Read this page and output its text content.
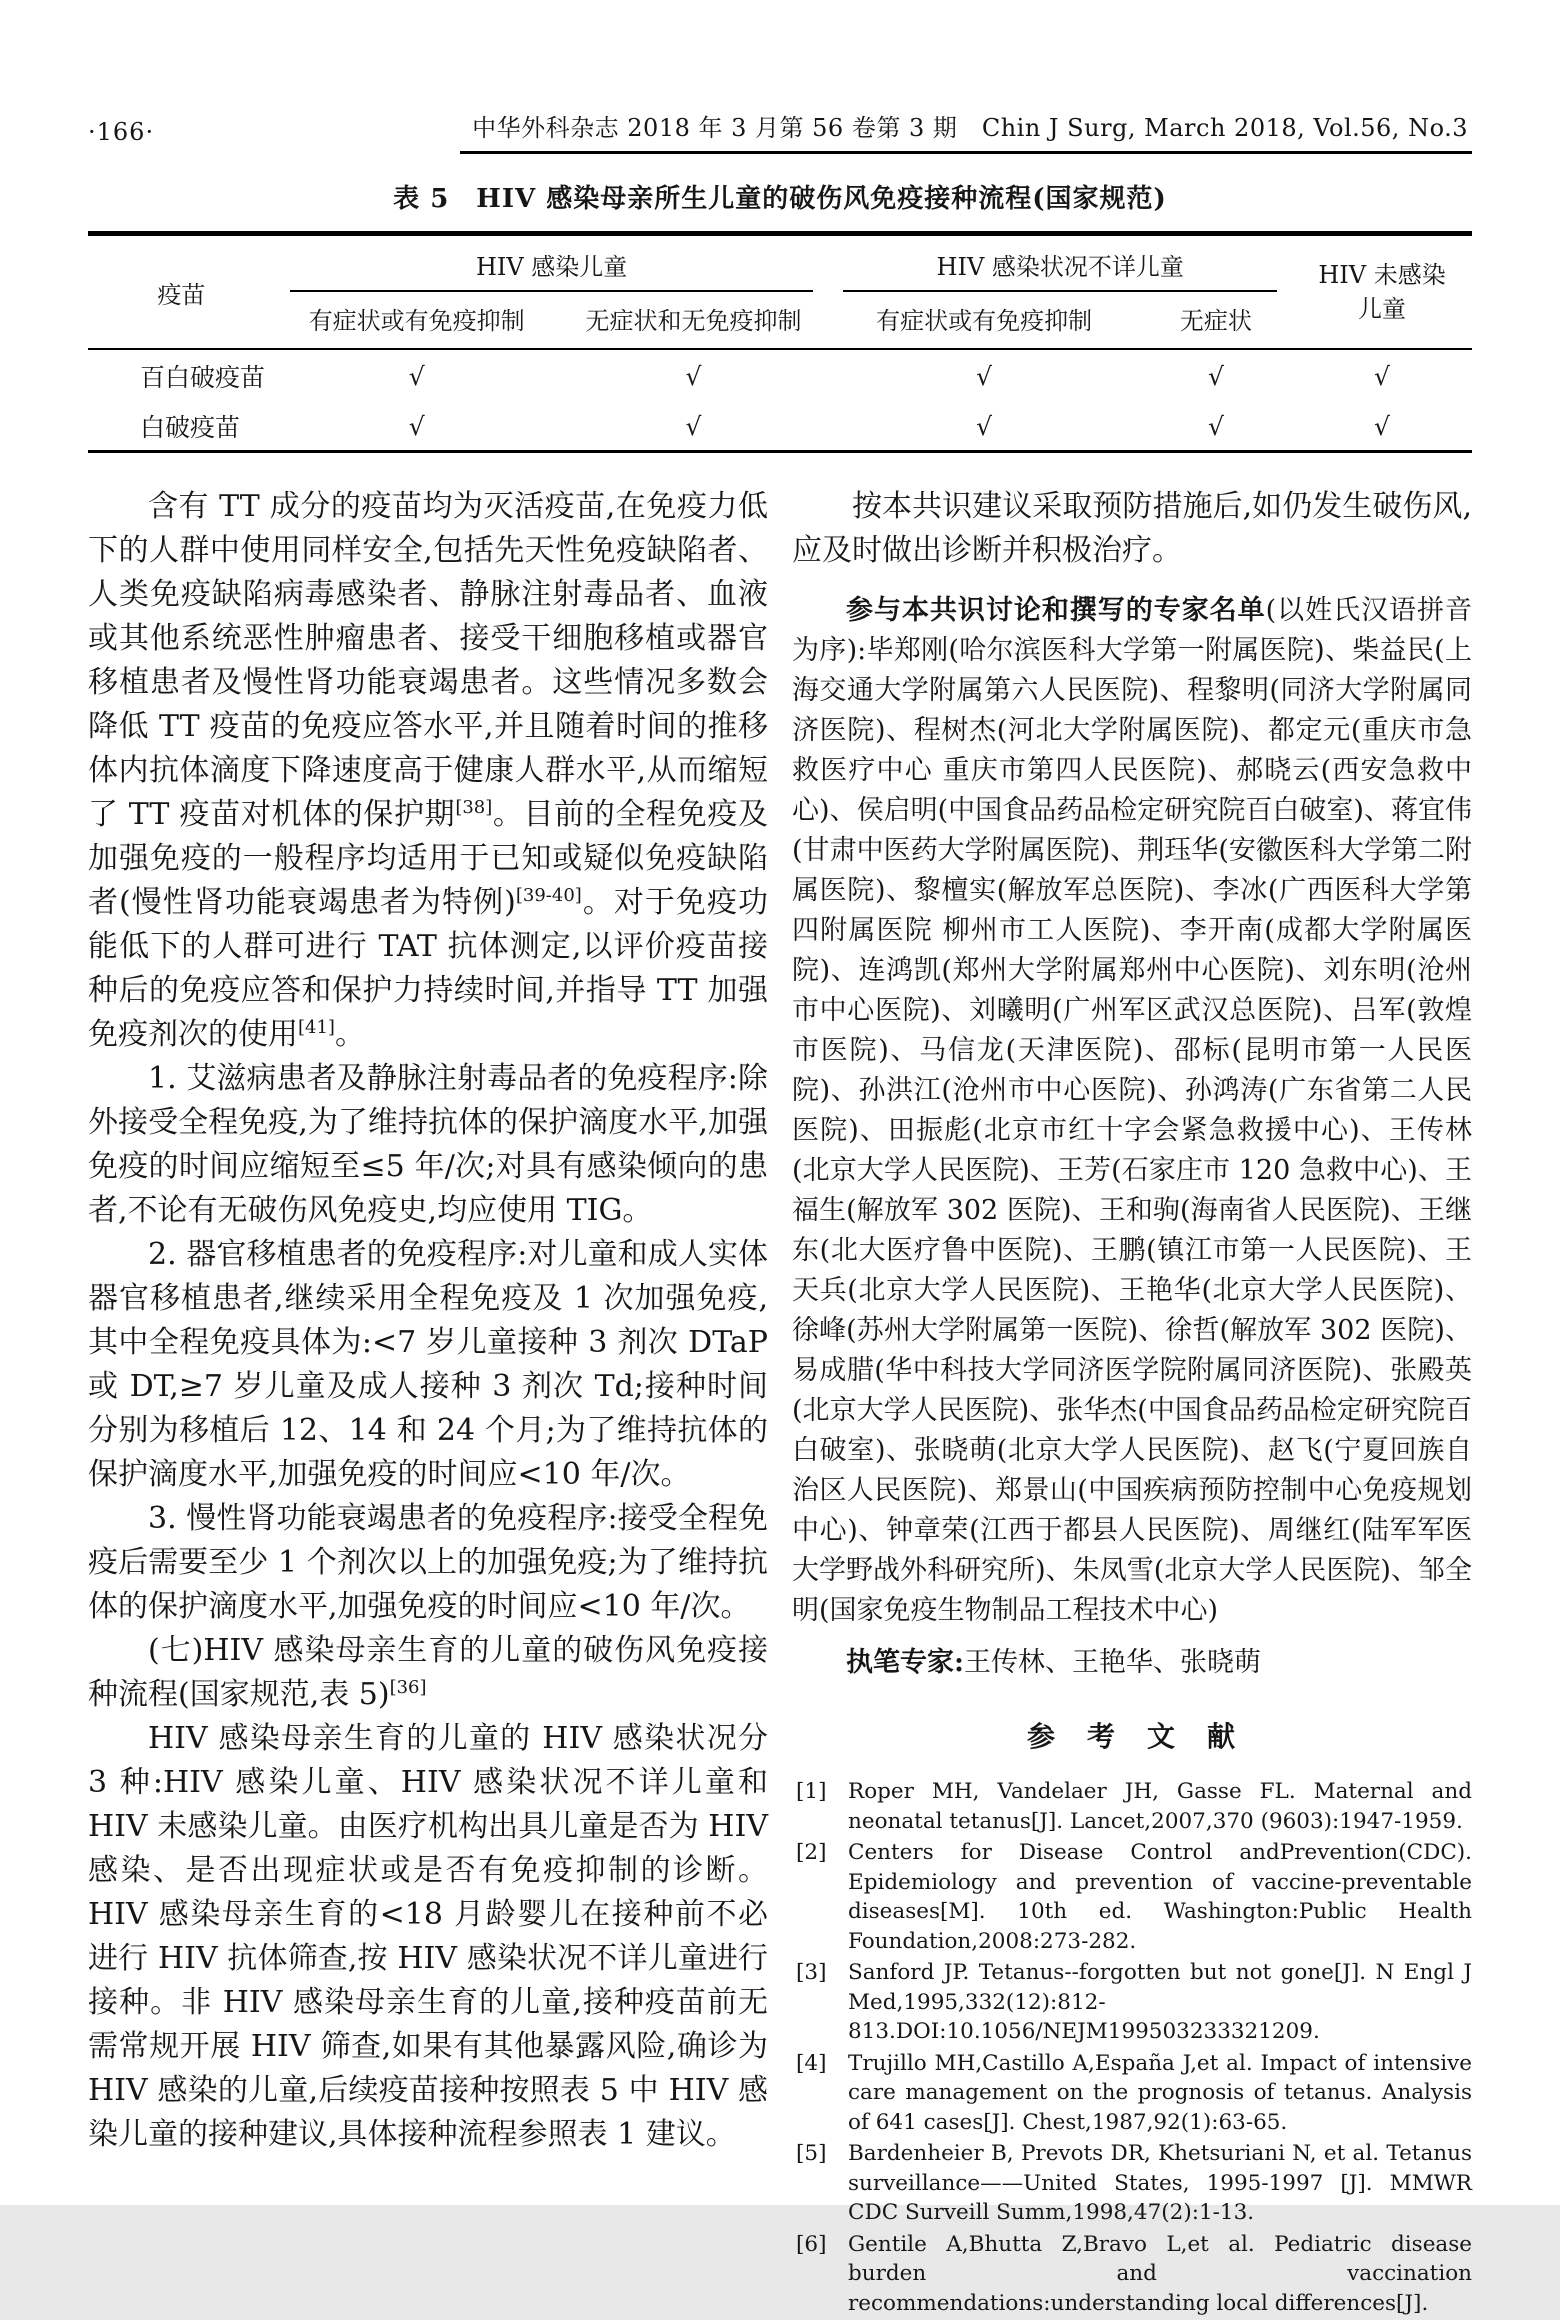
·166·	中华外科杂志 2018 年 3 月第 56 卷第 3 期　Chin J Surg, March 2018, Vol.56, No.3
表 5　HIV 感染母亲所生儿童的破伤风免疫接种流程(国家规范)
疫苗	HIV 感染儿童		HIV 感染状况不详儿童		HIV 未感染
儿童

	有症状或有免疫抑制	无症状和无免疫抑制	有症状或有免疫抑制	无症状	
百白破疫苗	√	√	√	√	√
白破疫苗	√	√	√	√	√

含有 TT 成分的疫苗均为灭活疫苗,在免疫力低下的人群中使用同样安全,包括先天性免疫缺陷者、人类免疫缺陷病毒感染者、静脉注射毒品者、血液或其他系统恶性肿瘤患者、接受干细胞移植或器官移植患者及慢性肾功能衰竭患者。这些情况多数会降低 TT 疫苗的免疫应答水平,并且随着时间的推移体内抗体滴度下降速度高于健康人群水平,从而缩短了 TT 疫苗对机体的保护期[38]。目前的全程免疫及加强免疫的一般程序均适用于已知或疑似免疫缺陷者(慢性肾功能衰竭患者为特例)[39-40]。对于免疫功能低下的人群可进行 TAT 抗体测定,以评价疫苗接种后的免疫应答和保护力持续时间,并指导 TT 加强免疫剂次的使用[41]。

1. 艾滋病患者及静脉注射毒品者的免疫程序:除外接受全程免疫,为了维持抗体的保护滴度水平,加强免疫的时间应缩短至≤5 年/次;对具有感染倾向的患者,不论有无破伤风免疫史,均应使用 TIG。

2. 器官移植患者的免疫程序:对儿童和成人实体器官移植患者,继续采用全程免疫及 1 次加强免疫,其中全程免疫具体为:<7 岁儿童接种 3 剂次 DTaP 或 DT,≥7 岁儿童及成人接种 3 剂次 Td;接种时间分别为移植后 12、14 和 24 个月;为了维持抗体的保护滴度水平,加强免疫的时间应<10 年/次。

3. 慢性肾功能衰竭患者的免疫程序:接受全程免疫后需要至少 1 个剂次以上的加强免疫;为了维持抗体的保护滴度水平,加强免疫的时间应<10 年/次。

(七)HIV 感染母亲生育的儿童的破伤风免疫接种流程(国家规范,表 5)[36]

HIV 感染母亲生育的儿童的 HIV 感染状况分 3 种:HIV 感染儿童、HIV 感染状况不详儿童和 HIV 未感染儿童。由医疗机构出具儿童是否为 HIV 感染、是否出现症状或是否有免疫抑制的诊断。HIV 感染母亲生育的<18 月龄婴儿在接种前不必进行 HIV 抗体筛查,按 HIV 感染状况不详儿童进行接种。非 HIV 感染母亲生育的儿童,接种疫苗前无需常规开展 HIV 筛查,如果有其他暴露风险,确诊为 HIV 感染的儿童,后续疫苗接种按照表 5 中 HIV 感染儿童的接种建议,具体接种流程参照表 1 建议。

按本共识建议采取预防措施后,如仍发生破伤风,应及时做出诊断并积极治疗。

参与本共识讨论和撰写的专家名单(以姓氏汉语拼音为序):毕郑刚(哈尔滨医科大学第一附属医院)、柴益民(上海交通大学附属第六人民医院)、程黎明(同济大学附属同济医院)、程树杰(河北大学附属医院)、都定元(重庆市急救医疗中心 重庆市第四人民医院)、郝晓云(西安急救中心)、侯启明(中国食品药品检定研究院百白破室)、蒋宜伟(甘肃中医药大学附属医院)、荆珏华(安徽医科大学第二附属医院)、黎檀实(解放军总医院)、李冰(广西医科大学第四附属医院 柳州市工人医院)、李开南(成都大学附属医院)、连鸿凯(郑州大学附属郑州中心医院)、刘东明(沧州市中心医院)、刘曦明(广州军区武汉总医院)、吕军(敦煌市医院)、马信龙(天津医院)、邵标(昆明市第一人民医院)、孙洪江(沧州市中心医院)、孙鸿涛(广东省第二人民医院)、田振彪(北京市红十字会紧急救援中心)、王传林(北京大学人民医院)、王芳(石家庄市 120 急救中心)、王福生(解放军 302 医院)、王和驹(海南省人民医院)、王继东(北大医疗鲁中医院)、王鹏(镇江市第一人民医院)、王天兵(北京大学人民医院)、王艳华(北京大学人民医院)、徐峰(苏州大学附属第一医院)、徐哲(解放军 302 医院)、易成腊(华中科技大学同济医学院附属同济医院)、张殿英(北京大学人民医院)、张华杰(中国食品药品检定研究院百白破室)、张晓萌(北京大学人民医院)、赵飞(宁夏回族自治区人民医院)、郑景山(中国疾病预防控制中心免疫规划中心)、钟章荣(江西于都县人民医院)、周继红(陆军军医大学野战外科研究所)、朱凤雪(北京大学人民医院)、邹全明(国家免疫生物制品工程技术中心)

执笔专家:王传林、王艳华、张晓萌

参　考　文　献
[1] Roper MH, Vandelaer JH, Gasse FL. Maternal and neonatal tetanus[J]. Lancet,2007,370 (9603):1947-1959.
[2] Centers for Disease Control andPrevention(CDC). Epidemiology and prevention of vaccine-preventable diseases[M]. 10th ed. Washington:Public Health Foundation,2008:273-282.
[3] Sanford JP. Tetanus--forgotten but not gone[J]. N Engl J Med,1995,332(12):812-813.DOI:10.1056/NEJM199503233321209.
[4] Trujillo MH,Castillo A,España J,et al. Impact of intensive care management on the prognosis of tetanus. Analysis of 641 cases[J]. Chest,1987,92(1):63-65.
[5] Bardenheier B, Prevots DR, Khetsuriani N, et al. Tetanus surveillance——United States, 1995-1997 [J]. MMWR CDC Surveill Summ,1998,47(2):1-13.
[6] Gentile A,Bhutta Z,Bravo L,et al. Pediatric disease burden and vaccination recommendations:understanding local differences[J].
